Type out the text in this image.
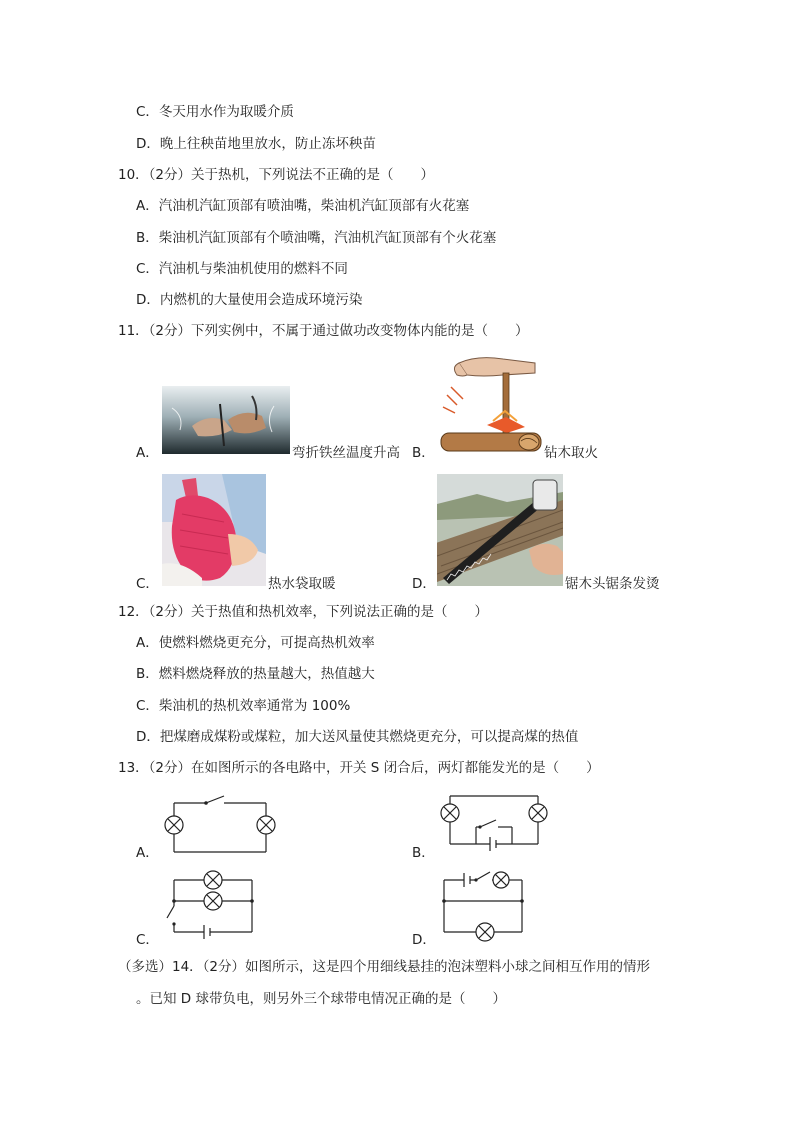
C．冬天用水作为取暖介质
D．晚上往秧苗地里放水，防止冻坏秧苗
10．（2分）关于热机，下列说法不正确的是（　　）
A．汽油机汽缸顶部有喷油嘴，柴油机汽缸顶部有火花塞
B．柴油机汽缸顶部有个喷油嘴，汽油机汽缸顶部有个火花塞
C．汽油机与柴油机使用的燃料不同
D．内燃机的大量使用会造成环境污染
11．（2分）下列实例中，不属于通过做功改变物体内能的是（　　）
A．	弯折铁丝温度升高 B．	钻木取火
C．	热水袋取暖	D．	锯木头锯条发烫
12．（2分）关于热值和热机效率，下列说法正确的是（　　）
A．使燃料燃烧更充分，可提高热机效率
B．燃料燃烧释放的热量越大，热值越大
C．柴油机的热机效率通常为 100%
D．把煤磨成煤粉或煤粒，加大送风量使其燃烧更充分，可以提高煤的热值
13．（2分）在如图所示的各电路中，开关 S 闭合后，两灯都能发光的是（　　）
A．	B．
C．	D．
（多选）14．（2分）如图所示，这是四个用细线悬挂的泡沫塑料小球之间相互作用的情形
。已知 D 球带负电，则另外三个球带电情况正确的是（　　）
